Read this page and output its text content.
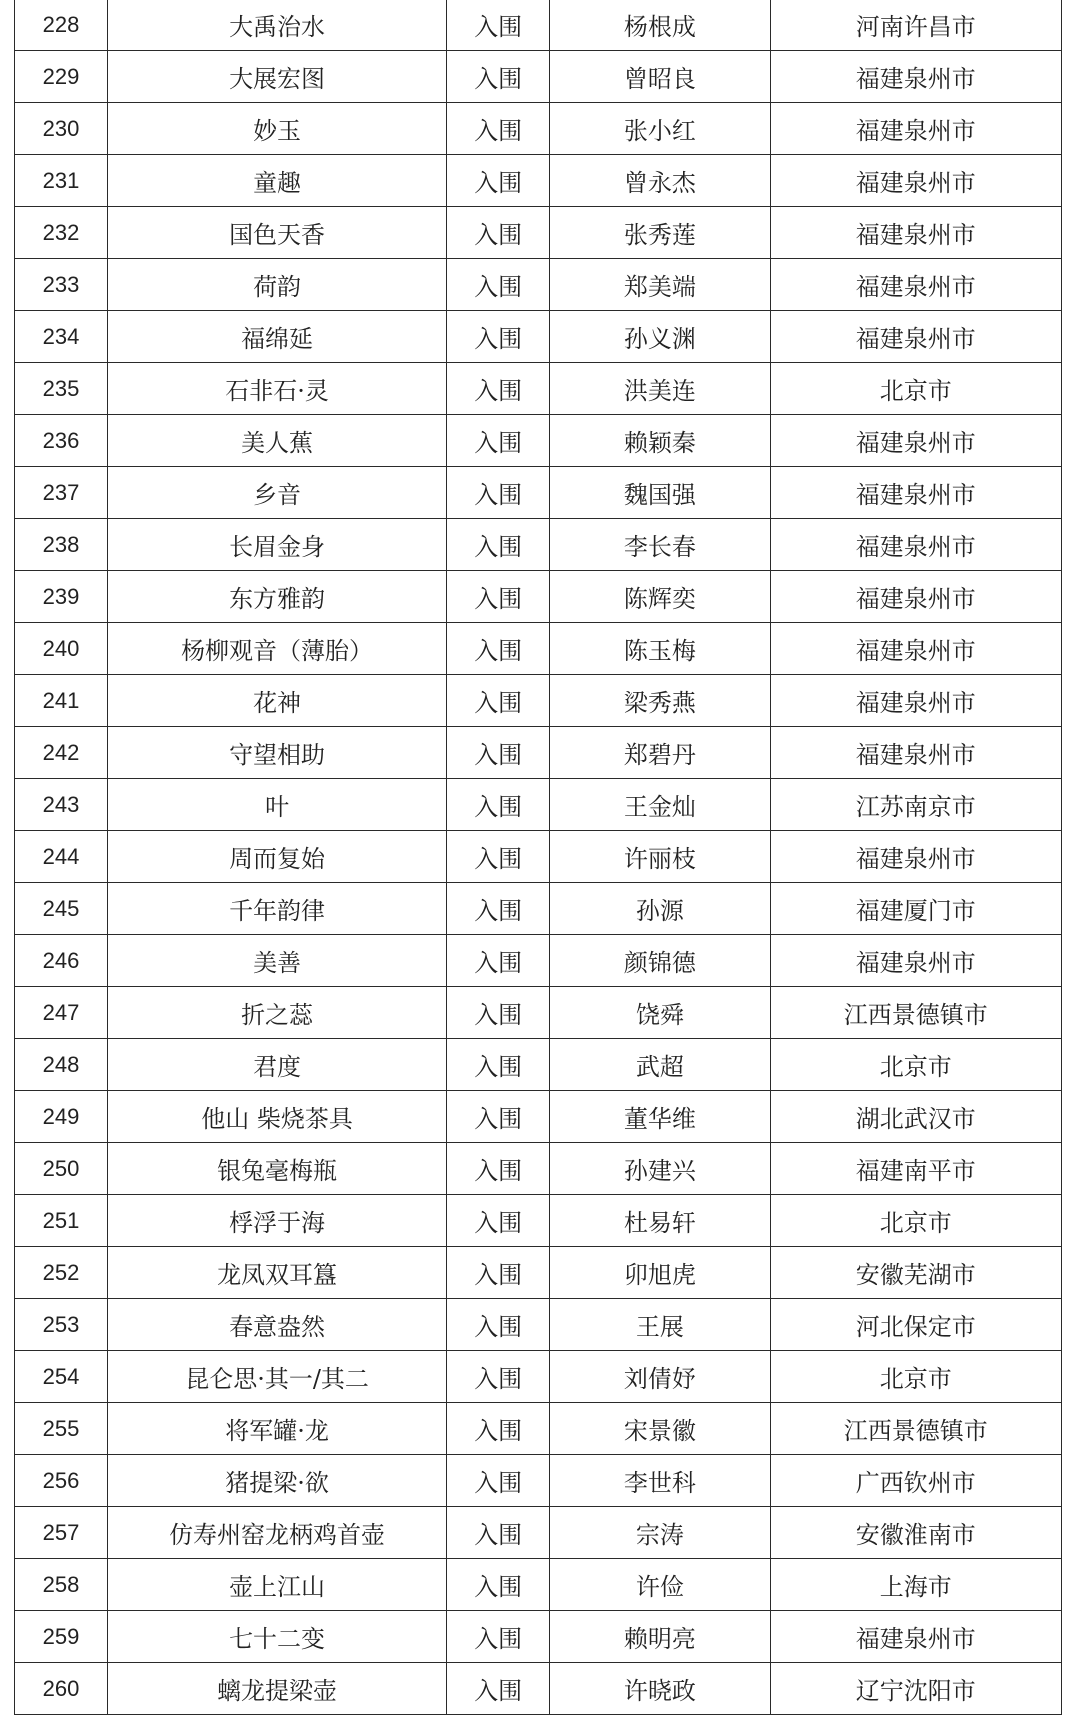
228	大禹治水	入围	杨根成	河南许昌市
229	大展宏图	入围	曾昭良	福建泉州市
230	妙玉	入围	张小红	福建泉州市
231	童趣	入围	曾永杰	福建泉州市
232	国色天香	入围	张秀莲	福建泉州市
233	荷韵	入围	郑美端	福建泉州市
234	福绵延	入围	孙义渊	福建泉州市
235	石非石·灵	入围	洪美连	北京市
236	美人蕉	入围	赖颖秦	福建泉州市
237	乡音	入围	魏国强	福建泉州市
238	长眉金身	入围	李长春	福建泉州市
239	东方雅韵	入围	陈辉奕	福建泉州市
240	杨柳观音（薄胎）	入围	陈玉梅	福建泉州市
241	花神	入围	梁秀燕	福建泉州市
242	守望相助	入围	郑碧丹	福建泉州市
243	叶	入围	王金灿	江苏南京市
244	周而复始	入围	许丽枝	福建泉州市
245	千年韵律	入围	孙源	福建厦门市
246	美善	入围	颜锦德	福建泉州市
247	折之蕊	入围	饶舜	江西景德镇市
248	君度	入围	武超	北京市
249	他山 柴烧茶具	入围	董华维	湖北武汉市
250	银兔毫梅瓶	入围	孙建兴	福建南平市
251	桴浮于海	入围	杜易轩	北京市
252	龙凤双耳簋	入围	卯旭虎	安徽芜湖市
253	春意盎然	入围	王展	河北保定市
254	昆仑思·其一/其二	入围	刘倩妤	北京市
255	将军罐·龙	入围	宋景徽	江西景德镇市
256	猪提梁·欲	入围	李世科	广西钦州市
257	仿寿州窑龙柄鸡首壶	入围	宗涛	安徽淮南市
258	壶上江山	入围	许俭	上海市
259	七十二变	入围	赖明亮	福建泉州市
260	螭龙提梁壶	入围	许晓政	辽宁沈阳市
